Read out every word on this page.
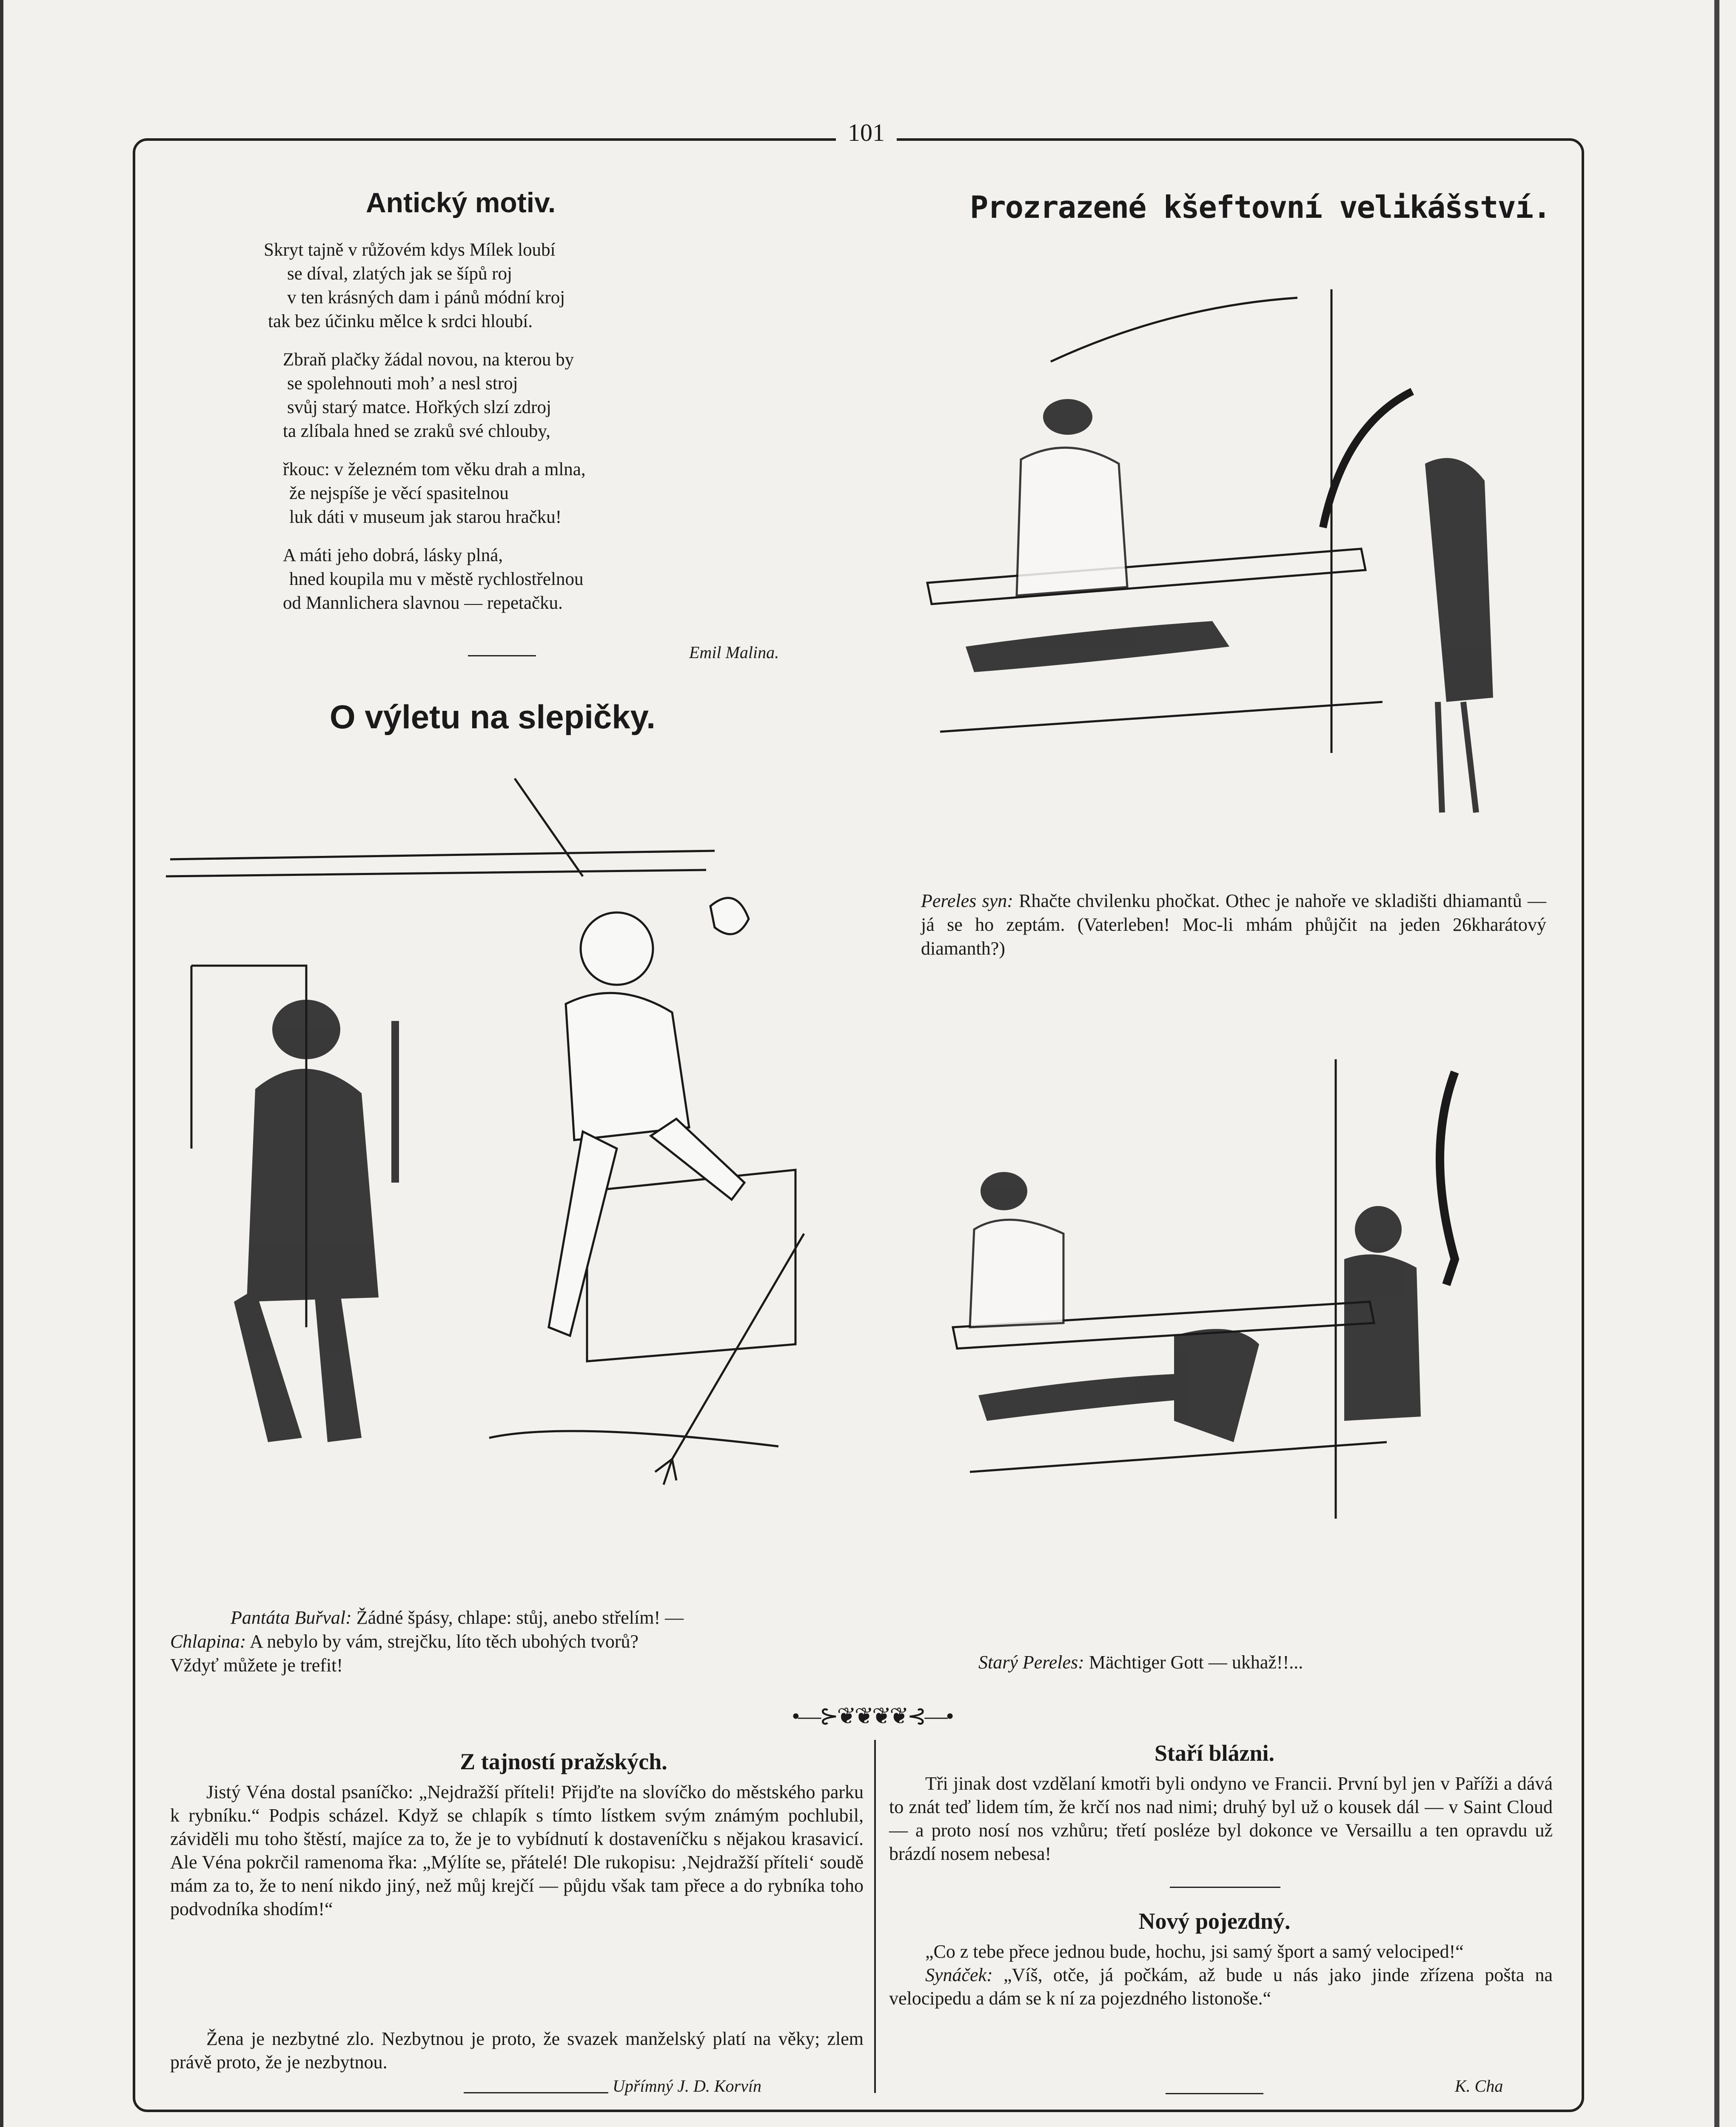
101
Antický motiv.

Skryt tajně v růžovém kdys Mílek loubí

se díval, zlatých jak se šípů roj

v ten krásných dam i pánů módní kroj

tak bez účinku mělce k srdci hloubí.

Zbraň plačky žádal novou, na kterou by

se spolehnouti moh’ a nesl stroj

svůj starý matce. Hořkých slzí zdroj

ta zlíbala hned se zraků své chlouby,

řkouc: v železném tom věku drah a mlna,

že nejspíše je věcí spasitelnou

luk dáti v museum jak starou hračku!

A máti jeho dobrá, lásky plná,

hned koupila mu v městě rychlostřelnou

od Mannlichera slavnou — repetačku.

Emil Malina.
O výletu na slepičky.
Pantáta Buřval: Žádné špásy, chlape: stůj, anebo střelím! —
Chlapina: A nebylo by vám, strejčku, líto těch ubohých tvorů?
Vždyť můžete je trefit!
Prozrazené kšeftovní velikášství.
Pereles syn: Rhačte chvilenku phočkat. Othec je nahoře ve skladišti dhiamantů — já se ho zeptám. (Vaterleben! Moc-li mhám phůjčit na jeden 26kharátový diamanth?)
Starý Pereles: Mächtiger Gott — ukhaž!!...
•—⊱❦❦❦❦⊰—•
Z tajností pražských.
Jistý Véna dostal psaníčko: „Nejdražší příteli! Přijďte na slovíčko do městského parku k rybníku.“ Podpis scházel. Když se chlapík s tímto lístkem svým známým pochlubil, záviděli mu toho štěstí, majíce za to, že je to vybídnutí k dostaveníčku s nějakou krasavicí. Ale Véna pokrčil ramenoma řka: „Mýlíte se, přátelé! Dle rukopisu: ‚Nejdražší příteli‘ soudě mám za to, že to není nikdo jiný, než můj krejčí — půjdu však tam přece a do rybníka toho podvodníka shodím!“
Žena je nezbytné zlo. Nezbytnou je proto, že svazek manželský platí na věky; zlem právě proto, že je nezbytnou.
Upřímný J. D. Korvín
Staří blázni.
Tři jinak dost vzdělaní kmotři byli ondyno ve Francii. První byl jen v Paříži a dává to znát teď lidem tím, že krčí nos nad nimi; druhý byl už o kousek dál — v Saint Cloud — a proto nosí nos vzhůru; třetí posléze byl dokonce ve Versaillu a ten opravdu už brázdí nosem nebesa!
Nový pojezdný.
„Co z tebe přece jednou bude, hochu, jsi samý šport a samý velociped!“
Synáček: „Víš, otče, já počkám, až bude u nás jako jinde zřízena pošta na velocipedu a dám se k ní za pojezdného listonoše.“
K. Cha
